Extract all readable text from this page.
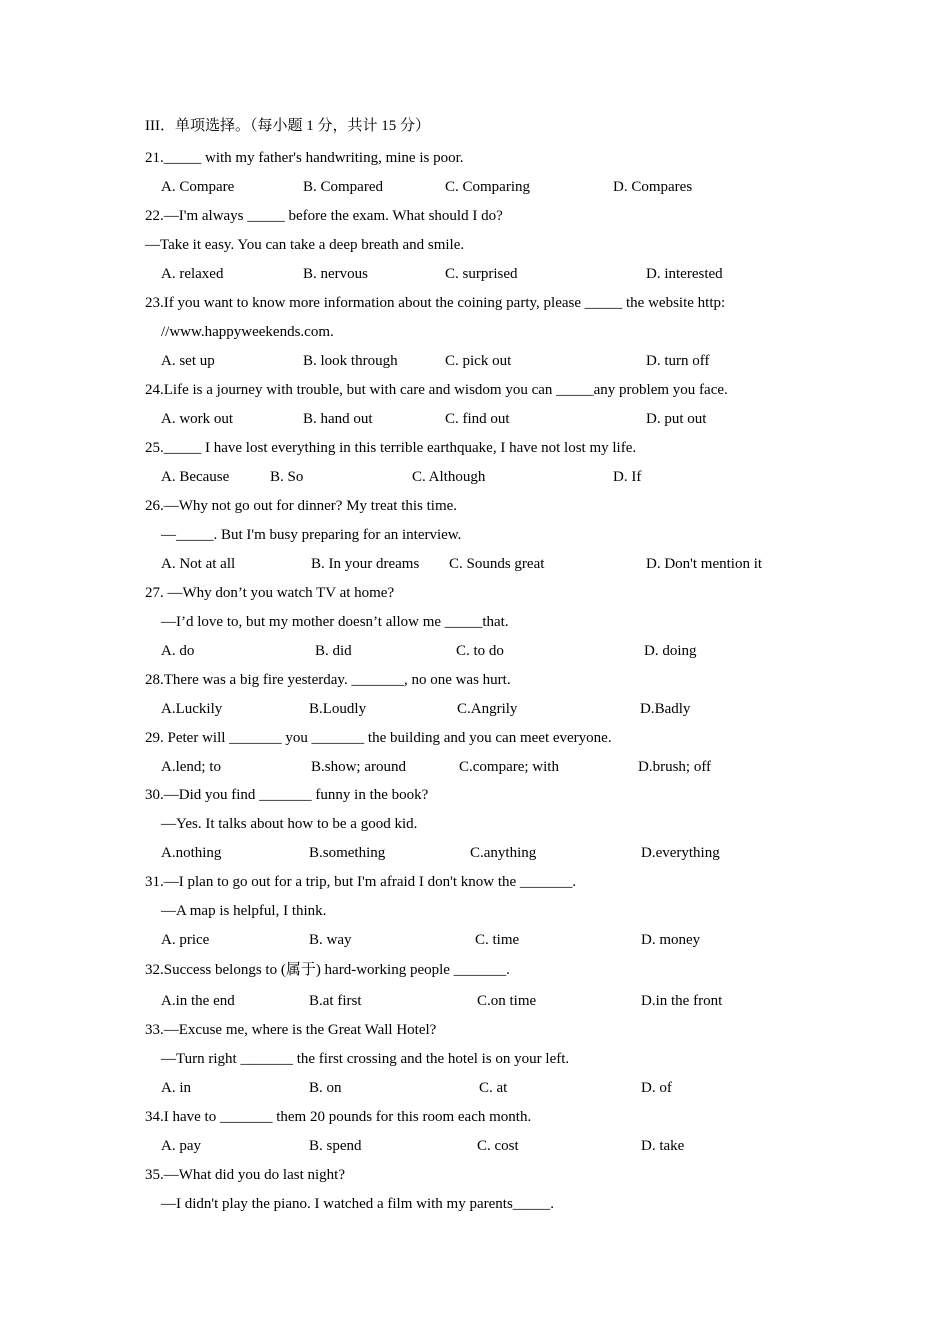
III．单项选择。（每小题 1 分，共计 15 分）
21._____ with my father's handwriting, mine is poor.
A. Compare	B. Compared	C. Comparing	D. Compares
22.—I'm always _____ before the exam. What should I do?
—Take it easy. You can take a deep breath and smile.
A. relaxed	B. nervous	C. surprised	D. interested
23.If you want to know more information about the coining party, please _____ the website http:
//www.happyweekends.com.
A. set up	B. look through	C. pick out	D. turn off
24.Life is a journey with trouble, but with care and wisdom you can _____any problem you face.
A. work out	B. hand out	C. find out	D. put out
25._____ I have lost everything in this terrible earthquake, I have not lost my life.
A. Because	B. So	C. Although	D. If
26.—Why not go out for dinner? My treat this time.
—_____. But I'm busy preparing for an interview.
A. Not at all	B. In your dreams C. Sounds great	D. Don't mention it
27. —Why don’t you watch TV at home?
—I’d love to, but my mother doesn’t allow me _____that.
A. do	B. did	C. to do	D. doing
28.There was a big fire yesterday. _______, no one was hurt.
A.Luckily	B.Loudly	C.Angrily	D.Badly
29. Peter will _______ you _______ the building and you can meet everyone.
A.lend; to	B.show; around	C.compare; with	D.brush; off
30.—Did you find _______ funny in the book?
—Yes. It talks about how to be a good kid.
A.nothing	B.something	C.anything	D.everything
31.—I plan to go out for a trip, but I'm afraid I don't know the _______.
—A map is helpful, I think.
A. price	B. way	C. time	D. money
32.Success belongs to (属于) hard-working people _______.
A.in the end	B.at first	C.on time	D.in the front
33.—Excuse me, where is the Great Wall Hotel?
—Turn right _______ the first crossing and the hotel is on your left.
A. in	B. on	C. at	D. of
34.I have to _______ them 20 pounds for this room each month.
A. pay	B. spend	C. cost	D. take
35.—What did you do last night?
—I didn't play the piano. I watched a film with my parents_____.
